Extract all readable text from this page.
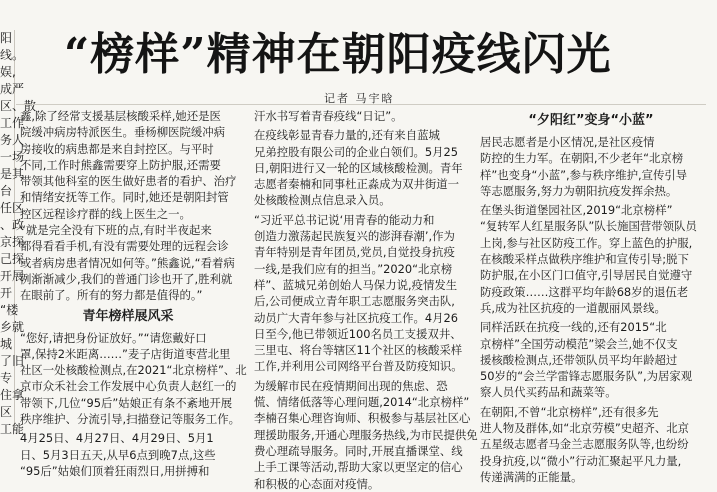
阳
线。
娱,
成严
区、散
工作
务人
一场
是其
台
任区
、政
京探
己探
开展
开
“楼
乡就
城
了旧
专
住拿
区
工能
“榜样”精神在朝阳疫线闪光
记者 马宇晗

鑫,除了经常支援基层核酸采样,她还是医

院缓冲病房特派医生。垂杨柳医院缓冲病

房接收的病患都是来自封控区。与平时

不同,工作时熊鑫需要穿上防护服,还需要

带领其他科室的医生做好患者的看护、治疗

和情绪安抚等工作。同时,她还是朝阳封管

控区远程诊疗群的线上医生之一。

“就是完全没有下班的点,有时半夜起来

都得看看手机,有没有需要处理的远程会诊

或者病房患者情况如何等。”熊鑫说,“看着病

例渐渐减少,我们的普通门诊也开了,胜利就

在眼前了。所有的努力都是值得的。”

青年榜样展风采

“您好,请把身份证放好。”“请您戴好口

罩,保持2米距离……”麦子店街道枣营北里

社区一处核酸检测点,在2021“北京榜样”、北

京市众禾社会工作发展中心负责人赵红一的

带领下,几位“95后”姑娘正有条不紊地开展

秩序维护、分流引导,扫描登记等服务工作。

4月25日、4月27日、4月29日、5月1

日、5月3日五天,从早6点到晚7点,这些

“95后”姑娘们顶着狂雨烈日,用拼搏和

汗水书写着青春疫线“日记”。

在疫线彰显青春力量的,还有来自蓝城

兄弟控股有限公司的企业白领们。5月25

日,朝阳进行又一轮的区域核酸检测。青年

志愿者秦楠和同事杜正淼成为双井街道一

处核酸检测点信息录入员。

“习近平总书记说‘用青春的能动力和

创造力激荡起民族复兴的澎湃春潮’,作为

青年特别是青年团员,党员,自觉投身抗疫

一线,是我们应有的担当。”2020“北京榜

样”、蓝城兄弟创始人马保力说,疫情发生

后,公司便成立青年职工志愿服务突击队,

动员广大青年参与社区抗疫工作。4月26

日至今,他已带领近100名员工支援双井、

三里屯、将台等辖区11个社区的核酸采样

工作,并利用公司网络平台普及防疫知识。

为缓解市民在疫情期间出现的焦虑、恐

慌、情绪低落等心理问题,2014“北京榜样”

李楠召集心理咨询师、积极参与基层社区心

理援助服务,开通心理服务热线,为市民提供免

费心理疏导服务。同时,开展直播课堂、线

上手工课等活动,帮助大家以更坚定的信心

和积极的心态面对疫情。

“夕阳红”变身“小蓝”

居民志愿者是小区情况,是社区疫情

防控的生力军。在朝阳,不少老年“北京榜

样”也变身“小蓝”,参与秩序维护,宣传引导

等志愿服务,努力为朝阳抗疫发挥余热。

在堡头街道堡园社区,2019“北京榜样”

“复转军人红星服务队”队长施国营带领队员

上岗,参与社区防疫工作。穿上蓝色的护服,

在核酸采样点做秩序维护和宣传引导;脱下

防护服,在小区门口值守,引导居民自觉遵守

防疫政策……这群平均年龄68岁的退伍老

兵,成为社区抗疫的一道靓丽风景线。

同样活跃在抗疫一线的,还有2015“北

京榜样”全国劳动模范”梁会兰,她不仅支

援核酸检测点,还带领队员平均年龄超过

50岁的“会兰学雷锋志愿服务队”,为居家观

察人员代买药品和蔬菜等。

在朝阳,不曾“北京榜样”,还有很多先

进人物及群体,如“北京劳模”史超齐、北京

五星级志愿者马金兰志愿服务队等,也纷纷

投身抗疫,以“微小”行动汇聚起平凡力量,

传递满满的正能量。
